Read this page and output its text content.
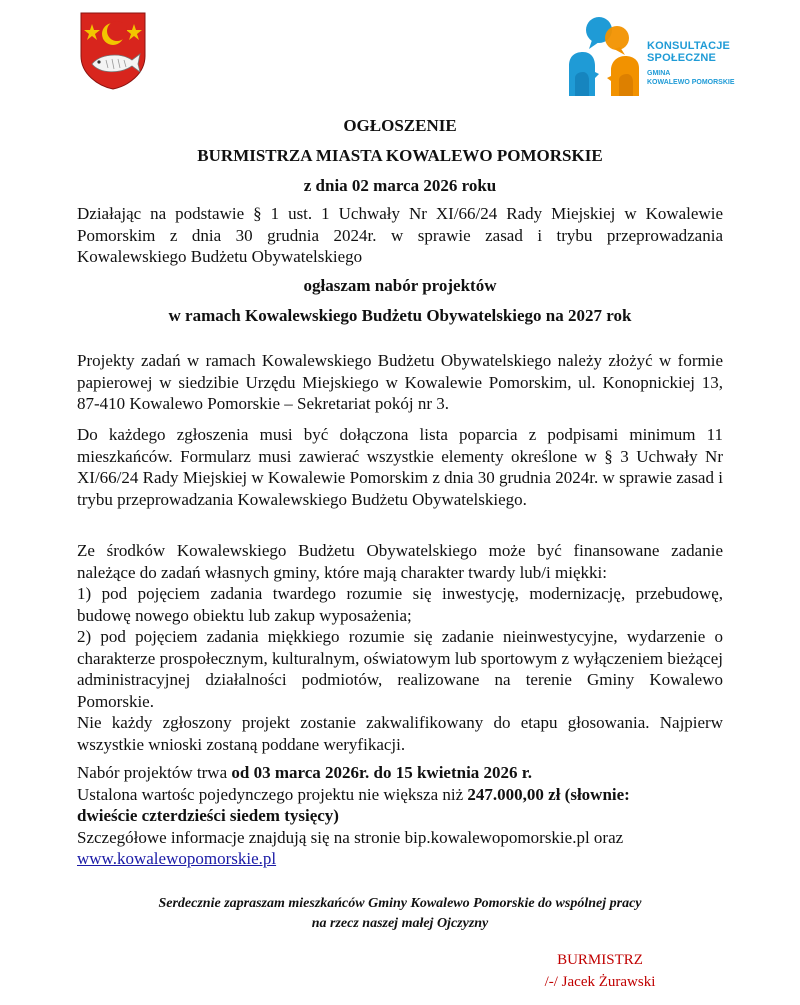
KONSULTACJE
SPOŁECZNE
GMINA
KOWALEWO POMORSKIE
OGŁOSZENIE
BURMISTRZA MIASTA KOWALEWO POMORSKIE
z dnia 02 marca 2026 roku

Działając na podstawie § 1 ust. 1 Uchwały Nr XI/66/24 Rady Miejskiej w Kowalewie Pomorskim z dnia 30 grudnia 2024r. w sprawie zasad i trybu przeprowadzania Kowalewskiego Budżetu Obywatelskiego

ogłaszam nabór projektów
w ramach Kowalewskiego Budżetu Obywatelskiego na 2027 rok

Projekty zadań w ramach Kowalewskiego Budżetu Obywatelskiego należy złożyć w formie papierowej w siedzibie Urzędu Miejskiego w Kowalewie Pomorskim, ul. Konopnickiej 13, 87-410 Kowalewo Pomorskie – Sekretariat pokój nr 3.

Do każdego zgłoszenia musi być dołączona lista poparcia z podpisami minimum 11 mieszkańców. Formularz musi zawierać wszystkie elementy określone w § 3 Uchwały Nr XI/66/24 Rady Miejskiej w Kowalewie Pomorskim z dnia 30 grudnia 2024r. w sprawie zasad i trybu przeprowadzania Kowalewskiego Budżetu Obywatelskiego.

Ze środków Kowalewskiego Budżetu Obywatelskiego może być finansowane zadanie należące do zadań własnych gminy, które mają charakter twardy lub/i miękki:

1) pod pojęciem zadania twardego rozumie się inwestycję, modernizację, przebudowę, budowę nowego obiektu lub zakup wyposażenia;

2) pod pojęciem zadania miękkiego rozumie się zadanie nieinwestycyjne, wydarzenie o charakterze prospołecznym, kulturalnym, oświatowym lub sportowym z wyłączeniem bieżącej administracyjnej działalności podmiotów, realizowane na terenie Gminy Kowalewo Pomorskie.

Nie każdy zgłoszony projekt zostanie zakwalifikowany do etapu głosowania. Najpierw wszystkie wnioski zostaną poddane weryfikacji.

Nabór projektów trwa od 03 marca 2026r. do 15 kwietnia 2026 r.

Ustalona wartośc pojedynczego projektu nie większa niż 247.000,00 zł (słownie:

dwieście czterdzieści siedem tysięcy)

Szczegółowe informacje znajdują się na stronie bip.kowalewopomorskie.pl oraz

www.kowalewopomorskie.pl

Serdecznie zapraszam mieszkańców Gminy Kowalewo Pomorskie do wspólnej pracy
na rzecz naszej małej Ojczyzny
BURMISTRZ
/-/ Jacek Żurawski
